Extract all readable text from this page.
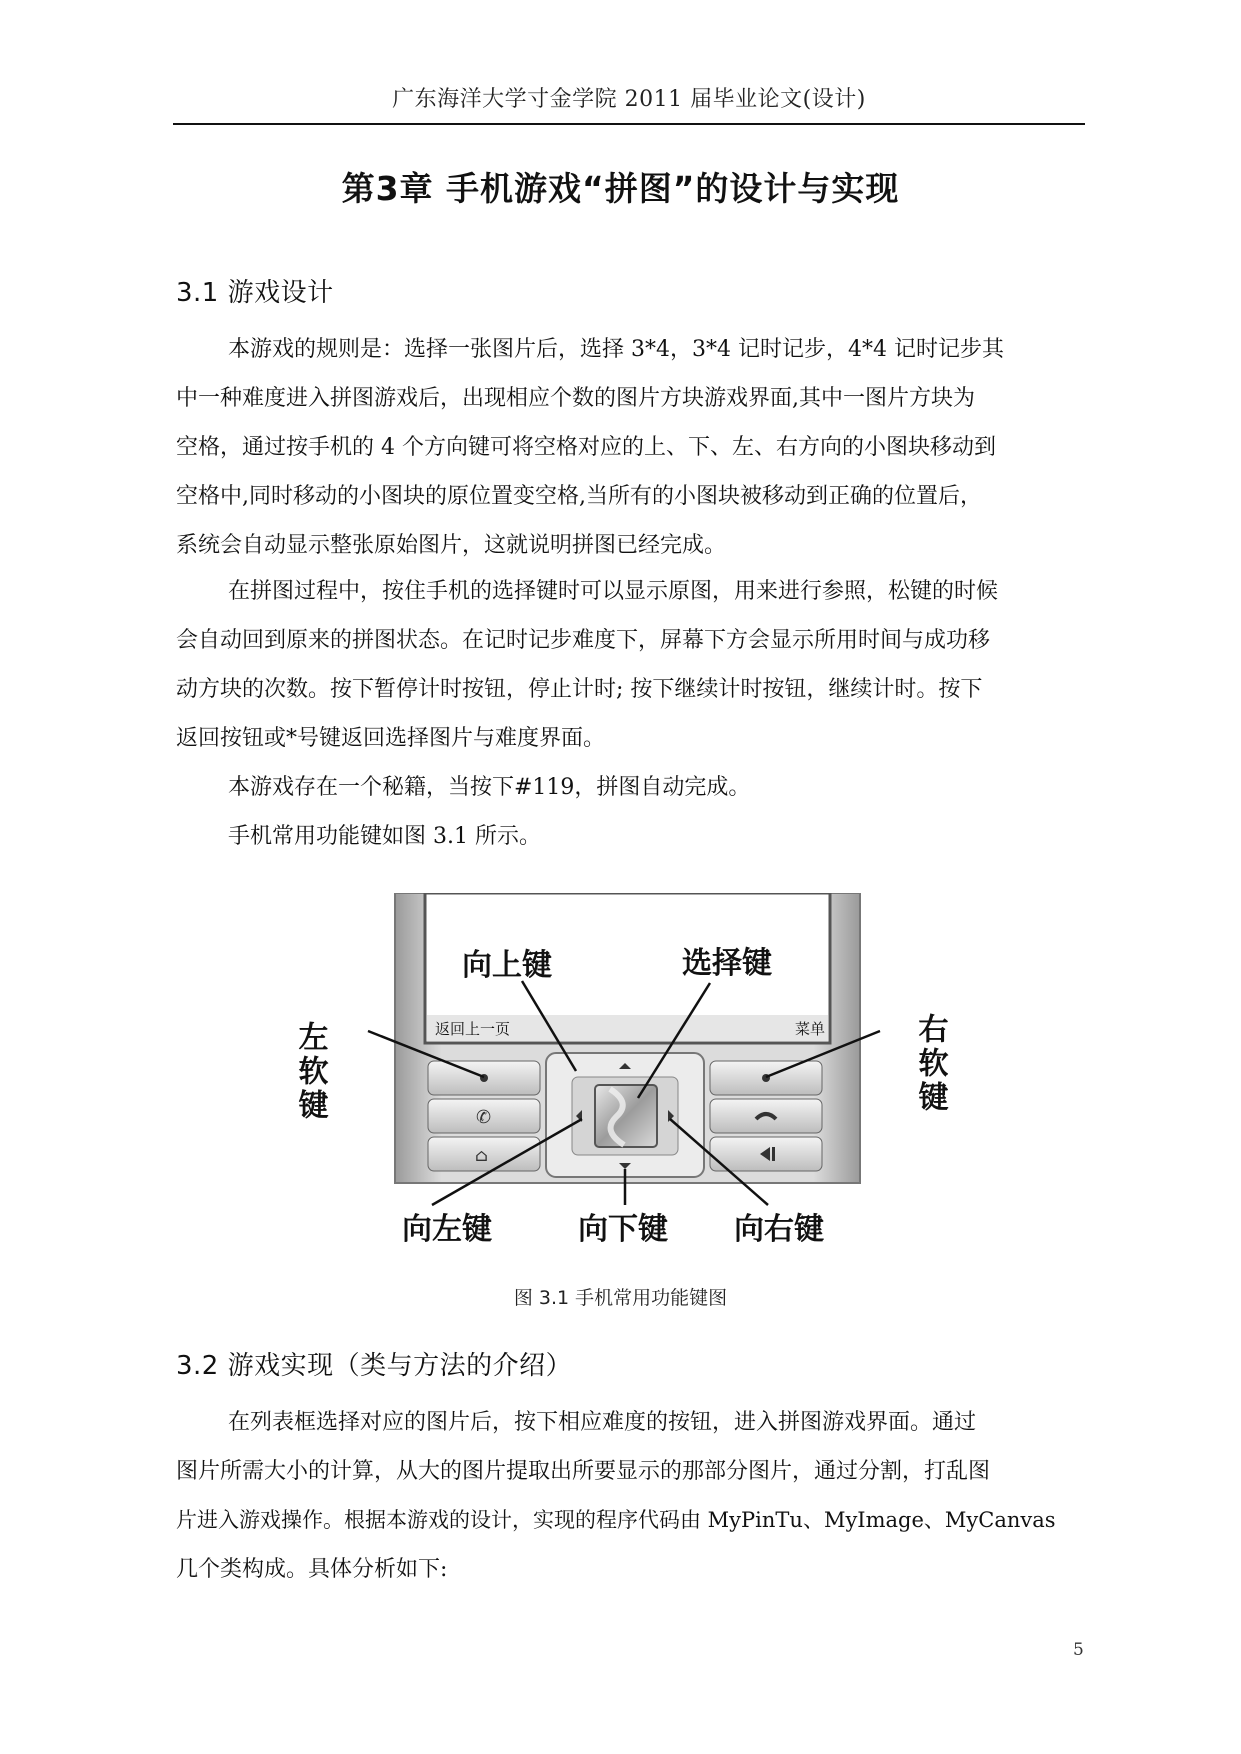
广东海洋大学寸金学院 2011 届毕业论文(设计)
第3章 手机游戏“拼图”的设计与实现
3.1 游戏设计
本游戏的规则是：选择一张图片后，选择 3*4，3*4 记时记步，4*4 记时记步其
中一种难度进入拼图游戏后，出现相应个数的图片方块游戏界面,其中一图片方块为
空格，通过按手机的 4 个方向键可将空格对应的上、下、左、右方向的小图块移动到
空格中,同时移动的小图块的原位置变空格,当所有的小图块被移动到正确的位置后，
系统会自动显示整张原始图片，这就说明拼图已经完成。
在拼图过程中，按住手机的选择键时可以显示原图，用来进行参照，松键的时候
会自动回到原来的拼图状态。在记时记步难度下，屏幕下方会显示所用时间与成功移
动方块的次数。按下暂停计时按钮，停止计时; 按下继续计时按钮，继续计时。按下
返回按钮或*号键返回选择图片与难度界面。
本游戏存在一个秘籍，当按下#119，拼图自动完成。
手机常用功能键如图 3.1 所示。
返回上一页	菜单
✆
⌂
向上键	选择键
左软键	右软键
向左键	向下键 向右键
图 3.1 手机常用功能键图
3.2 游戏实现（类与方法的介绍）
在列表框选择对应的图片后，按下相应难度的按钮，进入拼图游戏界面。通过
图片所需大小的计算，从大的图片提取出所要显示的那部分图片，通过分割，打乱图
片进入游戏操作。根据本游戏的设计，实现的程序代码由 MyPinTu、MyImage、MyCanvas
几个类构成。具体分析如下:
5
